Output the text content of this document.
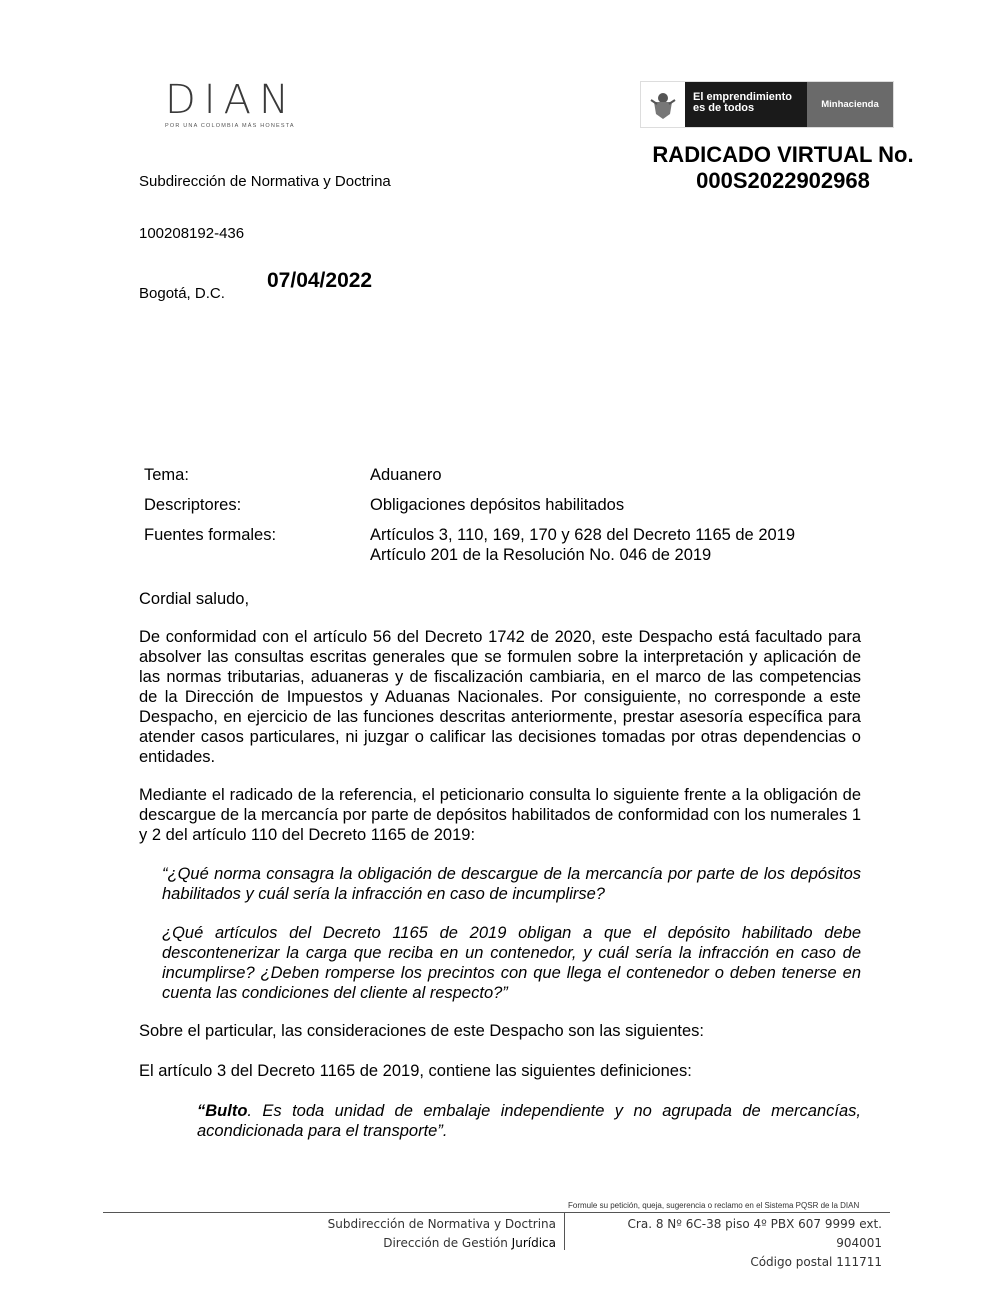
DIAN
POR UNA COLOMBIA MÁS HONESTA
El emprendimiento
es de todos	Minhacienda
RADICADO VIRTUAL No.
000S2022902968
Subdirección de Normativa y Doctrina
100208192-436
Bogotá, D.C.
07/04/2022
Tema:	Aduanero
Descriptores:	Obligaciones depósitos habilitados
Fuentes formales:	Artículos 3, 110, 169, 170 y 628 del Decreto 1165 de 2019
Artículo 201 de la Resolución No. 046 de 2019
Cordial saludo,
De conformidad con el artículo 56 del Decreto 1742 de 2020, este Despacho está facultado para absolver las consultas escritas generales que se formulen sobre la interpretación y aplicación de las normas tributarias, aduaneras y de fiscalización cambiaria, en el marco de las competencias de la Dirección de Impuestos y Aduanas Nacionales. Por consiguiente, no corresponde a este Despacho, en ejercicio de las funciones descritas anteriormente, prestar asesoría específica para atender casos particulares, ni juzgar o calificar las decisiones tomadas por otras dependencias o entidades.
Mediante el radicado de la referencia, el peticionario consulta lo siguiente frente a la obligación de descargue de la mercancía por parte de depósitos habilitados de conformidad con los numerales 1 y 2 del artículo 110 del Decreto 1165 de 2019:
“¿Qué norma consagra la obligación de descargue de la mercancía por parte de los depósitos habilitados y cuál sería la infracción en caso de incumplirse?
¿Qué artículos del Decreto 1165 de 2019 obligan a que el depósito habilitado debe descontenerizar la carga que reciba en un contenedor, y cuál sería la infracción en caso de incumplirse? ¿Deben romperse los precintos con que llega el contenedor o deben tenerse en cuenta las condiciones del cliente al respecto?”
Sobre el particular, las consideraciones de este Despacho son las siguientes:
El artículo 3 del Decreto 1165 de 2019, contiene las siguientes definiciones:
“Bulto. Es toda unidad de embalaje independiente y no agrupada de mercancías, acondicionada para el transporte”.
Formule su petición, queja, sugerencia o reclamo en el Sistema PQSR de la DIAN
Subdirección de Normativa y Doctrina
Dirección de Gestión Jurídica
Cra. 8 Nº 6C-38 piso 4º PBX 607 9999 ext. 904001
Código postal 111711
